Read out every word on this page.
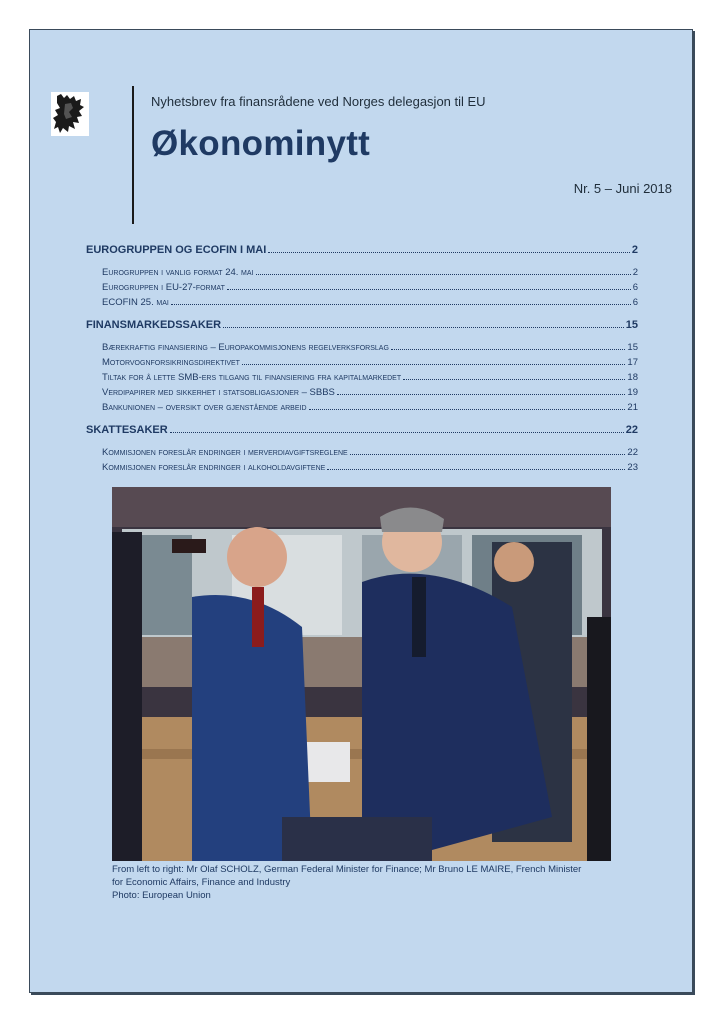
Nyhetsbrev fra finansrådene ved Norges delegasjon til EU
Økonominytt
Nr. 5 – Juni 2018
EUROGRUPPEN OG ECOFIN I MAI	2
Eurogruppen i vanlig format 24. mai	2
Eurogruppen i EU-27-format	6
ECOFIN 25. mai	6
FINANSMARKEDSSAKER	15
Bærekraftig finansiering – Europakommisjonens regelverksforslag	15
Motorvognforsikringsdirektivet	17
Tiltak for å lette SMB-ers tilgang til finansiering fra kapitalmarkedet	18
Verdipapirer med sikkerhet i statsobligasjoner – SBBS	19
Bankunionen – oversikt over gjenstående arbeid	21
SKATTESAKER	22
Kommisjonen foreslår endringer i merverdiavgiftsreglene	22
Kommisjonen foreslår endringer i alkoholdavgiftene	23
From left to right: Mr Olaf SCHOLZ, German Federal Minister for Finance; Mr Bruno LE MAIRE, French Minister for Economic Affairs, Finance and Industry
Photo: European Union
